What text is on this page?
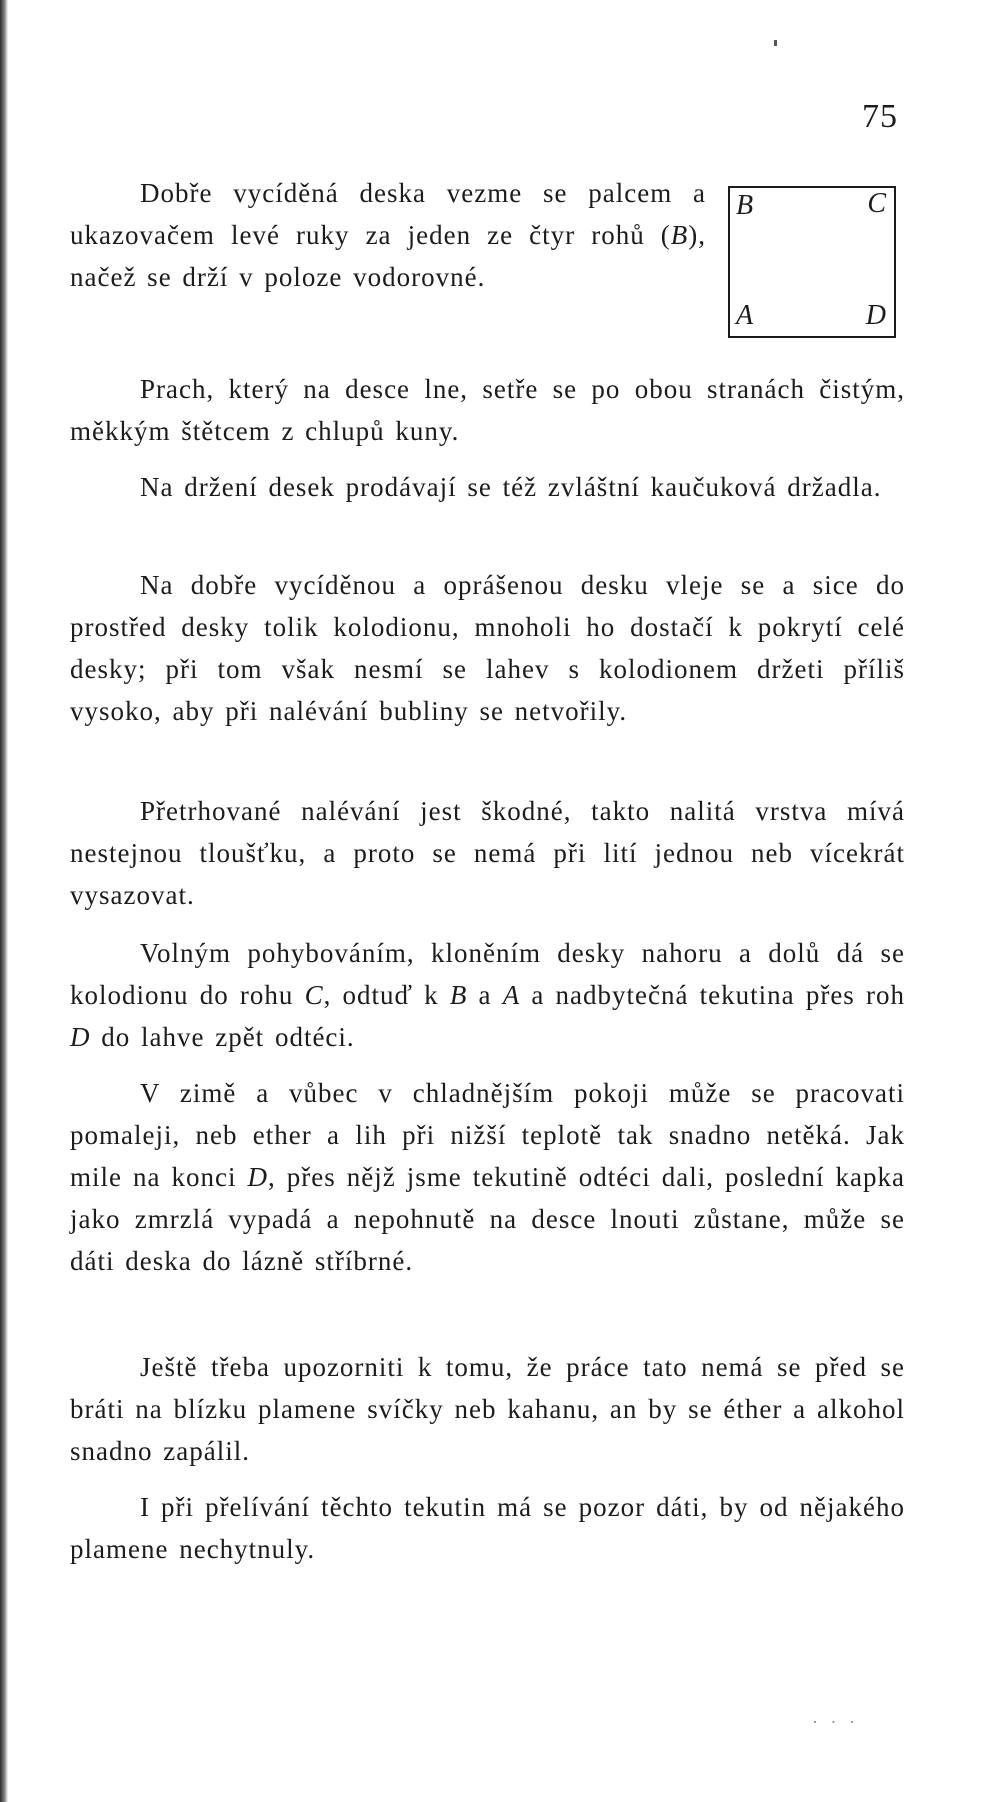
75

Dobře vycíděná deska vezme se palcem a ukazovačem levé ruky za jeden ze čtyr rohů (B), načež se drží v poloze vodorovné.

B	C
A	D

Prach, který na desce lne, setře se po obou stranách čistým, měkkým štětcem z chlupů kuny.

Na držení desek prodávají se též zvláštní kaučuková držadla.

Na dobře vycíděnou a oprášenou desku vleje se a sice do prostřed desky tolik kolodionu, mnoholi ho dostačí k pokrytí celé desky; při tom však nesmí se lahev s kolodionem držeti příliš vysoko, aby při nalévání bubliny se netvořily.

Přetrhované nalévání jest škodné, takto nalitá vrstva mívá nestejnou tloušťku, a proto se nemá při lití jednou neb vícekrát vysazovat.

Volným pohybováním, kloněním desky nahoru a dolů dá se kolodionu do rohu C, odtuď k B a A a nadbytečná tekutina přes roh D do lahve zpět odtéci.

V zimě a vůbec v chladnějším pokoji může se pracovati pomaleji, neb ether a lih při nižší teplotě tak snadno netěká. Jak mile na konci D, přes nějž jsme tekutině odtéci dali, poslední kapka jako zmrzlá vypadá a nepohnutě na desce lnouti zůstane, může se dáti deska do lázně stříbrné.

Ještě třeba upozorniti k tomu, že práce tato nemá se před se bráti na blízku plamene svíčky neb kahanu, an by se éther a alkohol snadno zapálil.

I při přelívání těchto tekutin má se pozor dáti, by od nějakého plamene nechytnuly.

· · ·
